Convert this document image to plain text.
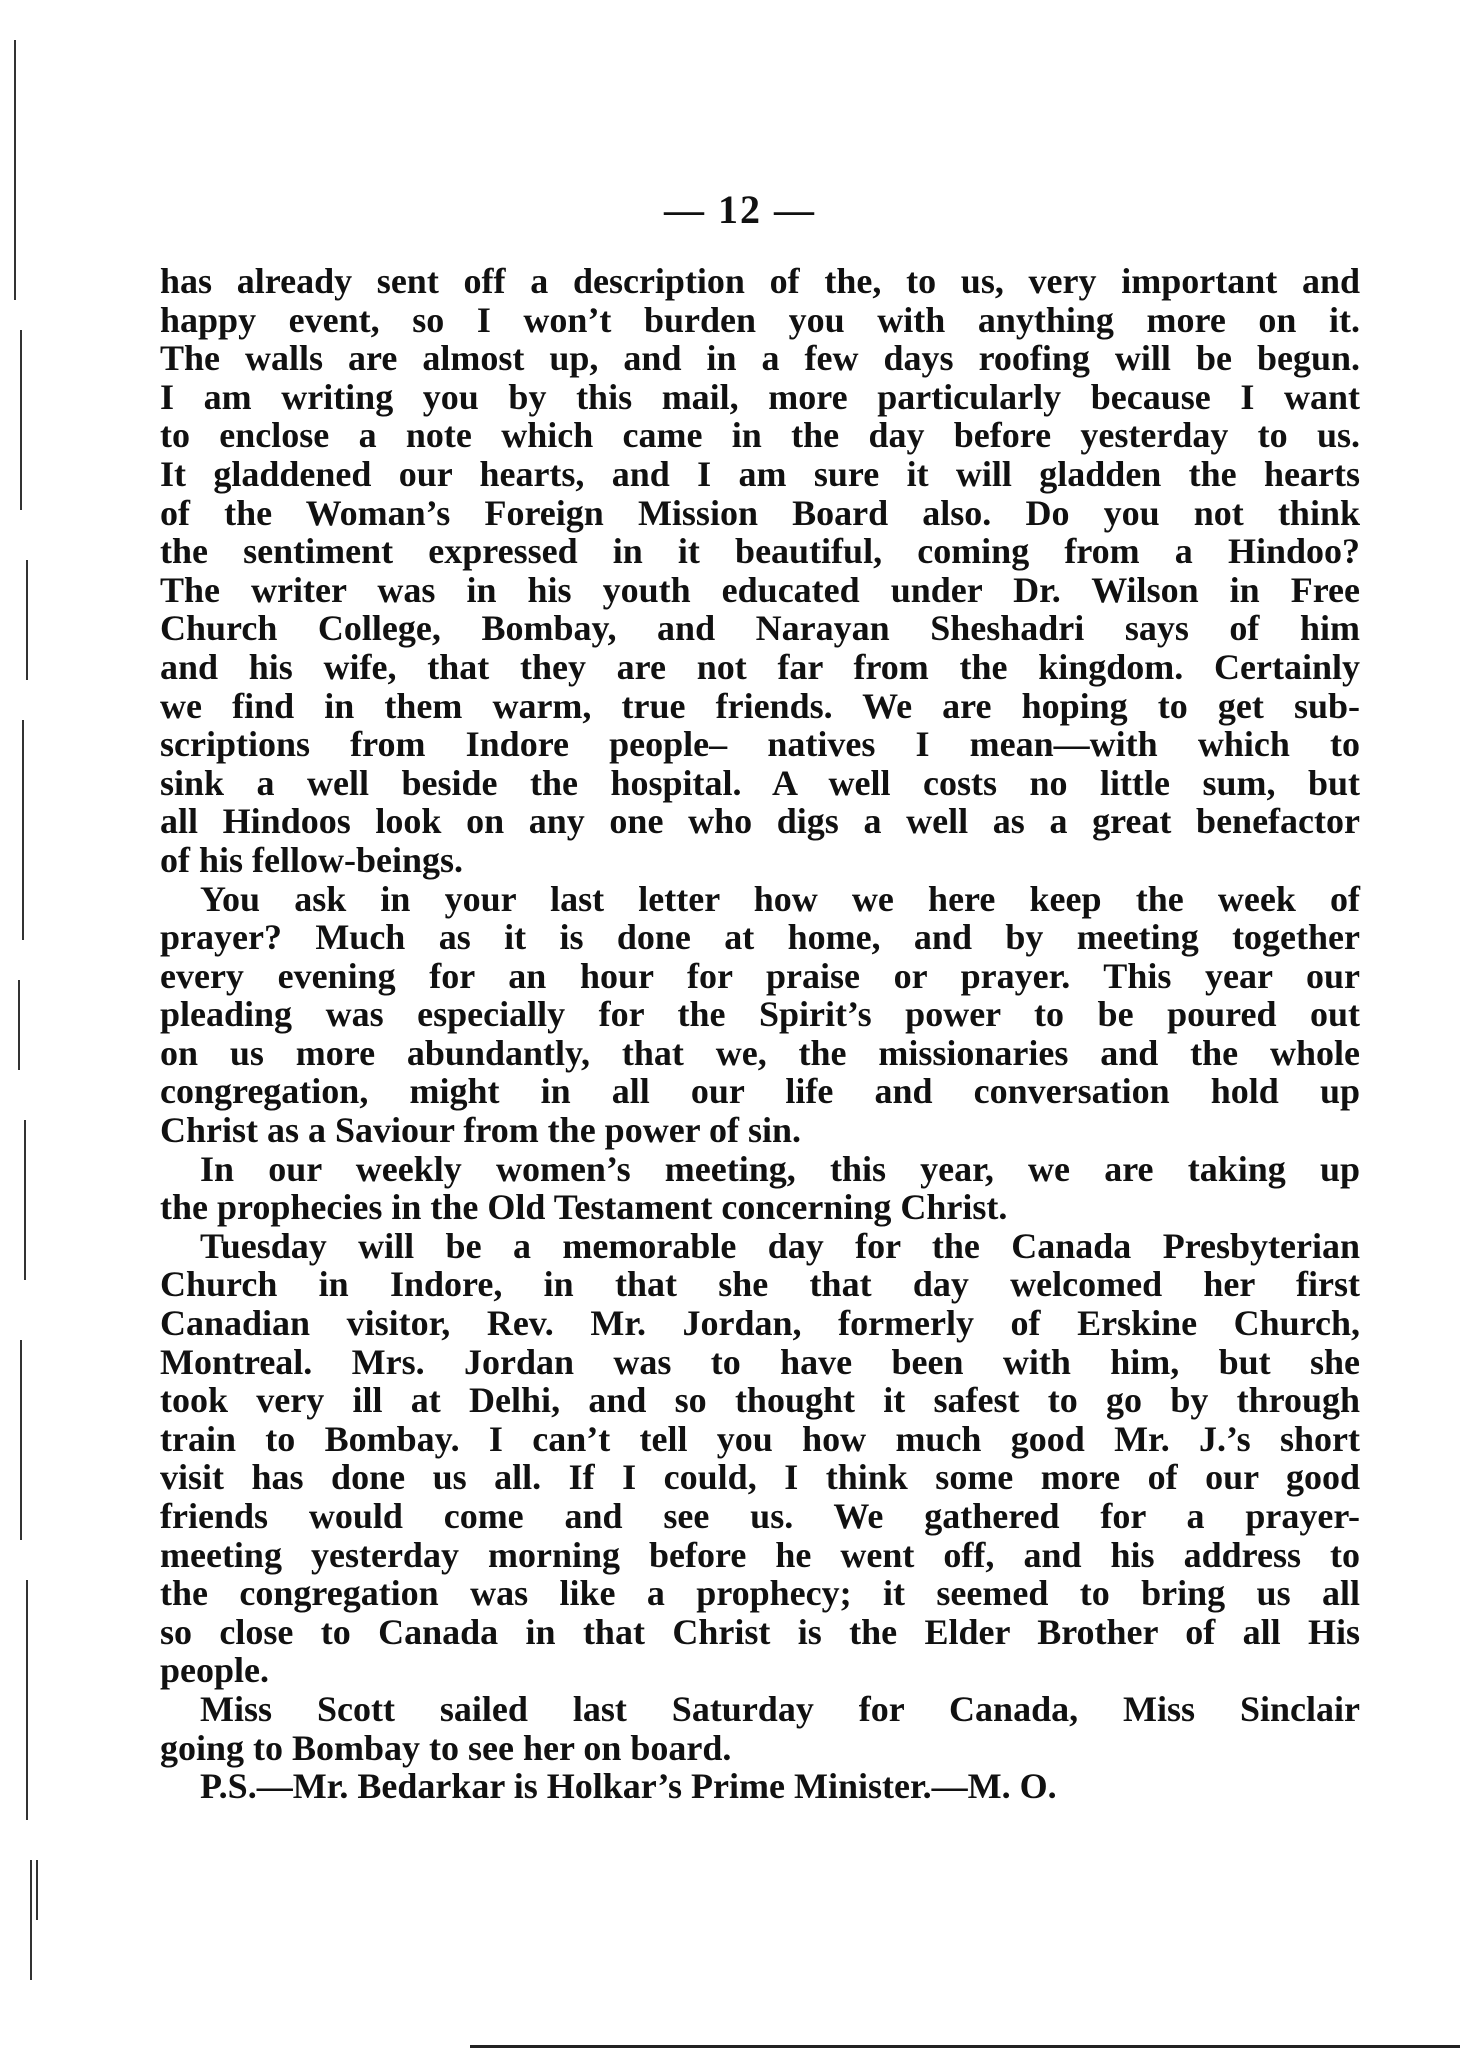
— 12 —
has already sent off a description of the, to us, very important and
happy event, so I won’t burden you with anything more on it.
The walls are almost up, and in a few days roofing will be begun.
I am writing you by this mail, more particularly because I want
to enclose a note which came in the day before yesterday to us.
It gladdened our hearts, and I am sure it will gladden the hearts
of the Woman’s Foreign Mission Board also. Do you not think
the sentiment expressed in it beautiful, coming from a Hindoo?
The writer was in his youth educated under Dr. Wilson in Free
Church College, Bombay, and Narayan Sheshadri says of him
and his wife, that they are not far from the kingdom. Certainly
we find in them warm, true friends. We are hoping to get sub-
scriptions from Indore people– natives I mean—with which to
sink a well beside the hospital. A well costs no little sum, but
all Hindoos look on any one who digs a well as a great benefactor
of his fellow-beings.
You ask in your last letter how we here keep the week of
prayer? Much as it is done at home, and by meeting together
every evening for an hour for praise or prayer. This year our
pleading was especially for the Spirit’s power to be poured out
on us more abundantly, that we, the missionaries and the whole
congregation, might in all our life and conversation hold up
Christ as a Saviour from the power of sin.
In our weekly women’s meeting, this year, we are taking up
the prophecies in the Old Testament concerning Christ.
Tuesday will be a memorable day for the Canada Presbyterian
Church in Indore, in that she that day welcomed her first
Canadian visitor, Rev. Mr. Jordan, formerly of Erskine Church,
Montreal. Mrs. Jordan was to have been with him, but she
took very ill at Delhi, and so thought it safest to go by through
train to Bombay. I can’t tell you how much good Mr. J.’s short
visit has done us all. If I could, I think some more of our good
friends would come and see us. We gathered for a prayer-
meeting yesterday morning before he went off, and his address to
the congregation was like a prophecy; it seemed to bring us all
so close to Canada in that Christ is the Elder Brother of all His
people.
Miss Scott sailed last Saturday for Canada, Miss Sinclair
going to Bombay to see her on board.
P.S.—Mr. Bedarkar is Holkar’s Prime Minister.—M. O.
